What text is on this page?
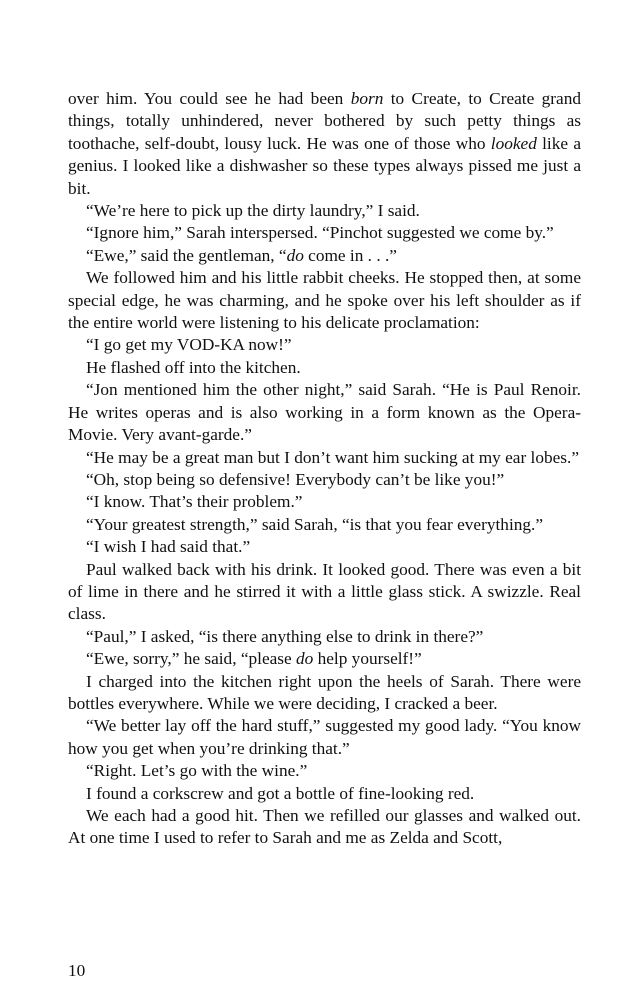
over him. You could see he had been born to Create, to Create grand things, totally unhindered, never bothered by such petty things as toothache, self-doubt, lousy luck. He was one of those who looked like a genius. I looked like a dishwasher so these types always pissed me just a bit.

“We’re here to pick up the dirty laundry,” I said.

“Ignore him,” Sarah interspersed. “Pinchot suggested we come by.”

“Ewe,” said the gentleman, “do come in . . .”

We followed him and his little rabbit cheeks. He stopped then, at some special edge, he was charming, and he spoke over his left shoulder as if the entire world were listening to his delicate proclamation:

“I go get my VOD-KA now!”

He flashed off into the kitchen.

“Jon mentioned him the other night,” said Sarah. “He is Paul Renoir. He writes operas and is also working in a form known as the Opera-Movie. Very avant-garde.”

“He may be a great man but I don’t want him sucking at my ear lobes.”

“Oh, stop being so defensive! Everybody can’t be like you!”

“I know. That’s their problem.”

“Your greatest strength,” said Sarah, “is that you fear everything.”

“I wish I had said that.”

Paul walked back with his drink. It looked good. There was even a bit of lime in there and he stirred it with a little glass stick. A swizzle. Real class.

“Paul,” I asked, “is there anything else to drink in there?”

“Ewe, sorry,” he said, “please do help yourself!”

I charged into the kitchen right upon the heels of Sarah. There were bottles everywhere. While we were deciding, I cracked a beer.

“We better lay off the hard stuff,” suggested my good lady. “You know how you get when you’re drinking that.”

“Right. Let’s go with the wine.”

I found a corkscrew and got a bottle of fine-looking red.

We each had a good hit. Then we refilled our glasses and walked out. At one time I used to refer to Sarah and me as Zelda and Scott,

10
